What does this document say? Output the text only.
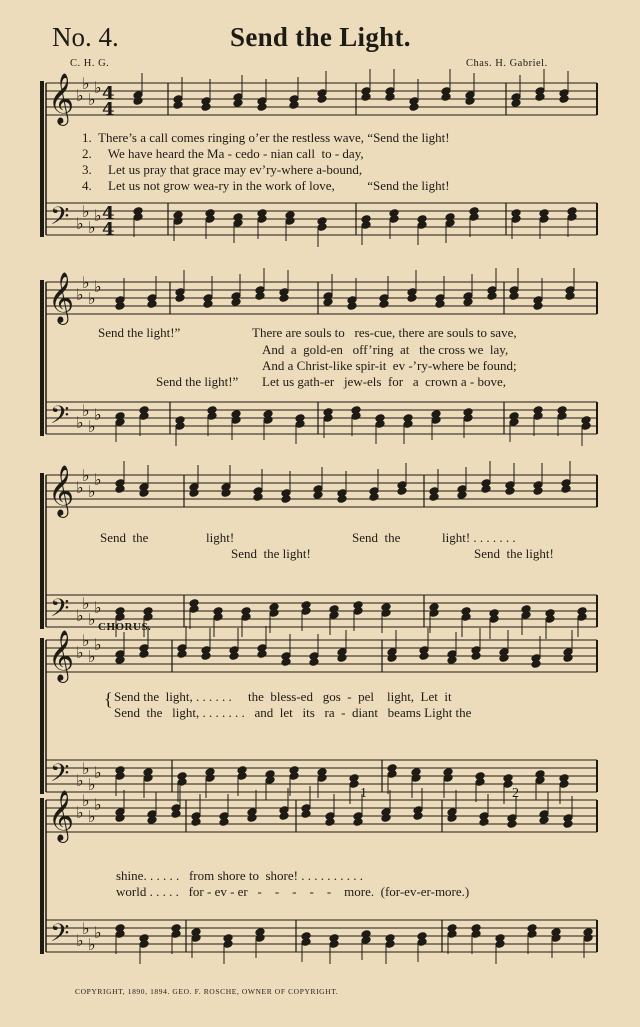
No. 4.	Send the Light.
C. H. G.	Chas. H. Gabriel.
𝄞
𝄢
♭
♭
♭
♭
♭
♭
♭
♭
4
4
4
4
𝄞
𝄢
♭
♭
♭
♭
♭
♭
♭
♭
𝄞
𝄢
♭
♭
♭
♭
♭
♭
♭
♭
𝄞
𝄢
♭
♭
♭
♭
♭
♭
♭
♭
𝄞
𝄢
♭
♭
♭
♭
♭
♭
♭
♭
1.  There’s a call comes ringing o’er the restless wave, “Send the light!
2.     We have heard the Ma - cedo - nian call  to - day,
3.     Let us pray that grace may ev’ry-where a-bound,
4.     Let us not grow wea-ry in the work of love,          “Send the light!
Send the light!”	There are souls to   res-cue, there are souls to save,
And  a  gold-en   off’ring  at   the cross we  lay,
And a Christ-like spir-it  ev -’ry-where be found;
Send the light!” Let us gath-er   jew-els  for   a  crown a - bove,
Send  the	light!	Send  the	light! . . . . . . .
Send  the light!	Send  the light!
CHORUS.
{ Send the  light, . . . . . .     the  bless-ed   gos  -  pel    light,  Let  it
Send  the   light, . . . . . . .   and  let   its   ra  -  diant   beams Light the
1	2
shine. . . . . .   from shore to  shore! . . . . . . . . . .
world . . . . .   for - ev - er   -    -    -    -    -    more.  (for-ev-er-more.)
COPYRIGHT, 1890, 1894. GEO. F. ROSCHE, OWNER OF COPYRIGHT.
